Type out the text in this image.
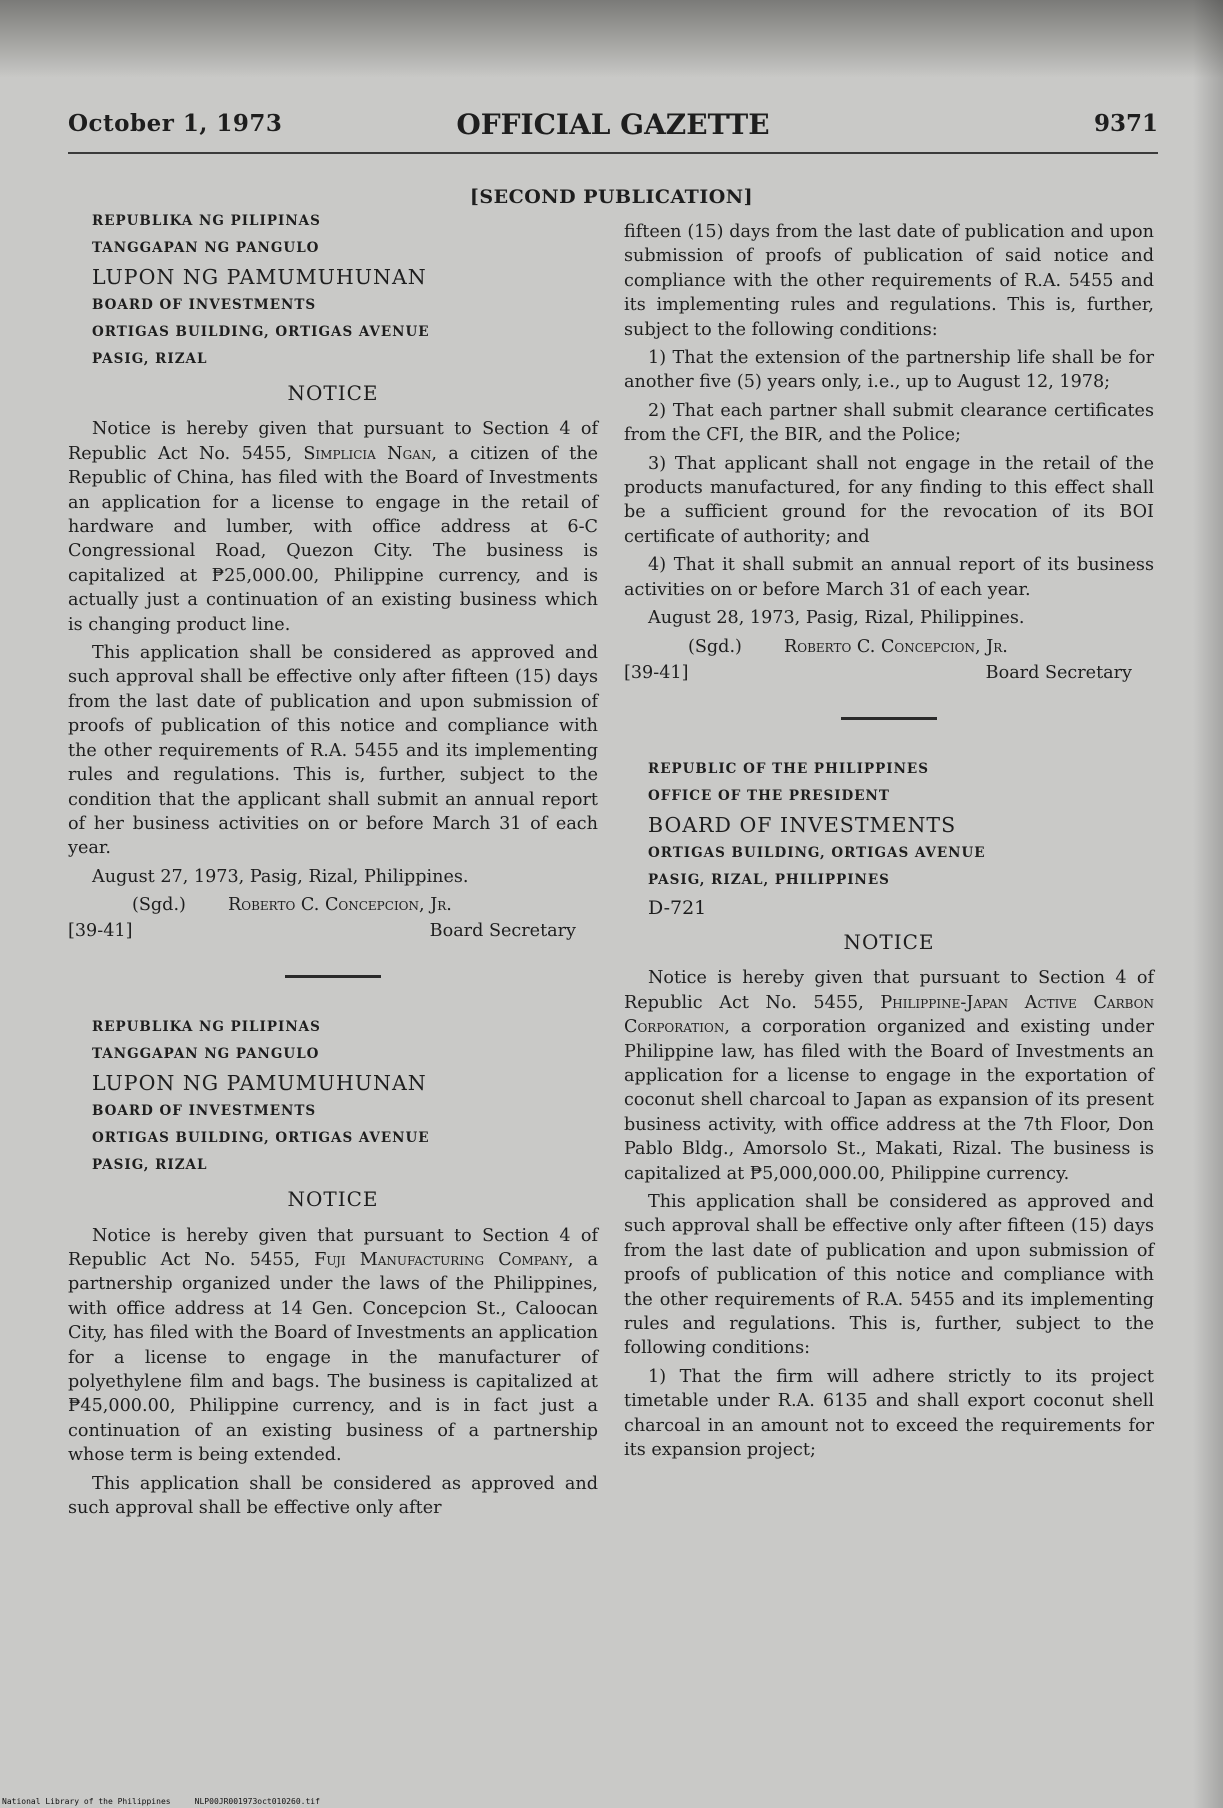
October 1, 1973	OFFICIAL GAZETTE	9371
[SECOND PUBLICATION]

REPUBLIKA NG PILIPINAS

TANGGAPAN NG PANGULO

LUPON NG PAMUMUHUNAN

BOARD OF INVESTMENTS

ORTIGAS BUILDING, ORTIGAS AVENUE

PASIG, RIZAL

NOTICE

Notice is hereby given that pursuant to Section 4 of Republic Act No. 5455, Simplicia Ngan, a citizen of the Republic of China, has filed with the Board of Investments an application for a license to engage in the retail of hardware and lumber, with office address at 6-C Congressional Road, Quezon City. The business is capitalized at ₱25,000.00, Philippine currency, and is actually just a continuation of an existing business which is changing product line.

This application shall be considered as approved and such approval shall be effective only after fifteen (15) days from the last date of publication and upon submission of proofs of publication of this notice and compliance with the other requirements of R.A. 5455 and its implementing rules and regulations. This is, further, subject to the condition that the applicant shall submit an annual report of her business activities on or before March 31 of each year.

August 27, 1973, Pasig, Rizal, Philippines.

(Sgd.) Roberto C. Concepcion, Jr.
[39-41]	Board Secretary

REPUBLIKA NG PILIPINAS

TANGGAPAN NG PANGULO

LUPON NG PAMUMUHUNAN

BOARD OF INVESTMENTS

ORTIGAS BUILDING, ORTIGAS AVENUE

PASIG, RIZAL

NOTICE

Notice is hereby given that pursuant to Section 4 of Republic Act No. 5455, Fuji Manufacturing Company, a partnership organized under the laws of the Philippines, with office address at 14 Gen. Concepcion St., Caloocan City, has filed with the Board of Investments an application for a license to engage in the manufacturer of polyethylene film and bags. The business is capitalized at ₱45,000.00, Philippine currency, and is in fact just a continuation of an existing business of a partnership whose term is being extended.

This application shall be considered as approved and such approval shall be effective only after

fifteen (15) days from the last date of publication and upon submission of proofs of publication of said notice and compliance with the other requirements of R.A. 5455 and its implementing rules and regulations. This is, further, subject to the following conditions:

1) That the extension of the partnership life shall be for another five (5) years only, i.e., up to August 12, 1978;

2) That each partner shall submit clearance certificates from the CFI, the BIR, and the Police;

3) That applicant shall not engage in the retail of the products manufactured, for any finding to this effect shall be a sufficient ground for the revocation of its BOI certificate of authority; and

4) That it shall submit an annual report of its business activities on or before March 31 of each year.

August 28, 1973, Pasig, Rizal, Philippines.

(Sgd.) Roberto C. Concepcion, Jr.
[39-41]	Board Secretary

REPUBLIC OF THE PHILIPPINES

OFFICE OF THE PRESIDENT

BOARD OF INVESTMENTS

ORTIGAS BUILDING, ORTIGAS AVENUE

PASIG, RIZAL, PHILIPPINES

D-721

NOTICE

Notice is hereby given that pursuant to Section 4 of Republic Act No. 5455, Philippine-Japan Active Carbon Corporation, a corporation organized and existing under Philippine law, has filed with the Board of Investments an application for a license to engage in the exportation of coconut shell charcoal to Japan as expansion of its present business activity, with office address at the 7th Floor, Don Pablo Bldg., Amorsolo St., Makati, Rizal. The business is capitalized at ₱5,000,000.00, Philippine currency.

This application shall be considered as approved and such approval shall be effective only after fifteen (15) days from the last date of publication and upon submission of proofs of publication of this notice and compliance with the other requirements of R.A. 5455 and its implementing rules and regulations. This is, further, subject to the following conditions:

1) That the firm will adhere strictly to its project timetable under R.A. 6135 and shall export coconut shell charcoal in an amount not to exceed the requirements for its expansion project;

National Library of the Philippines	NLP00JR001973oct010260.tif
